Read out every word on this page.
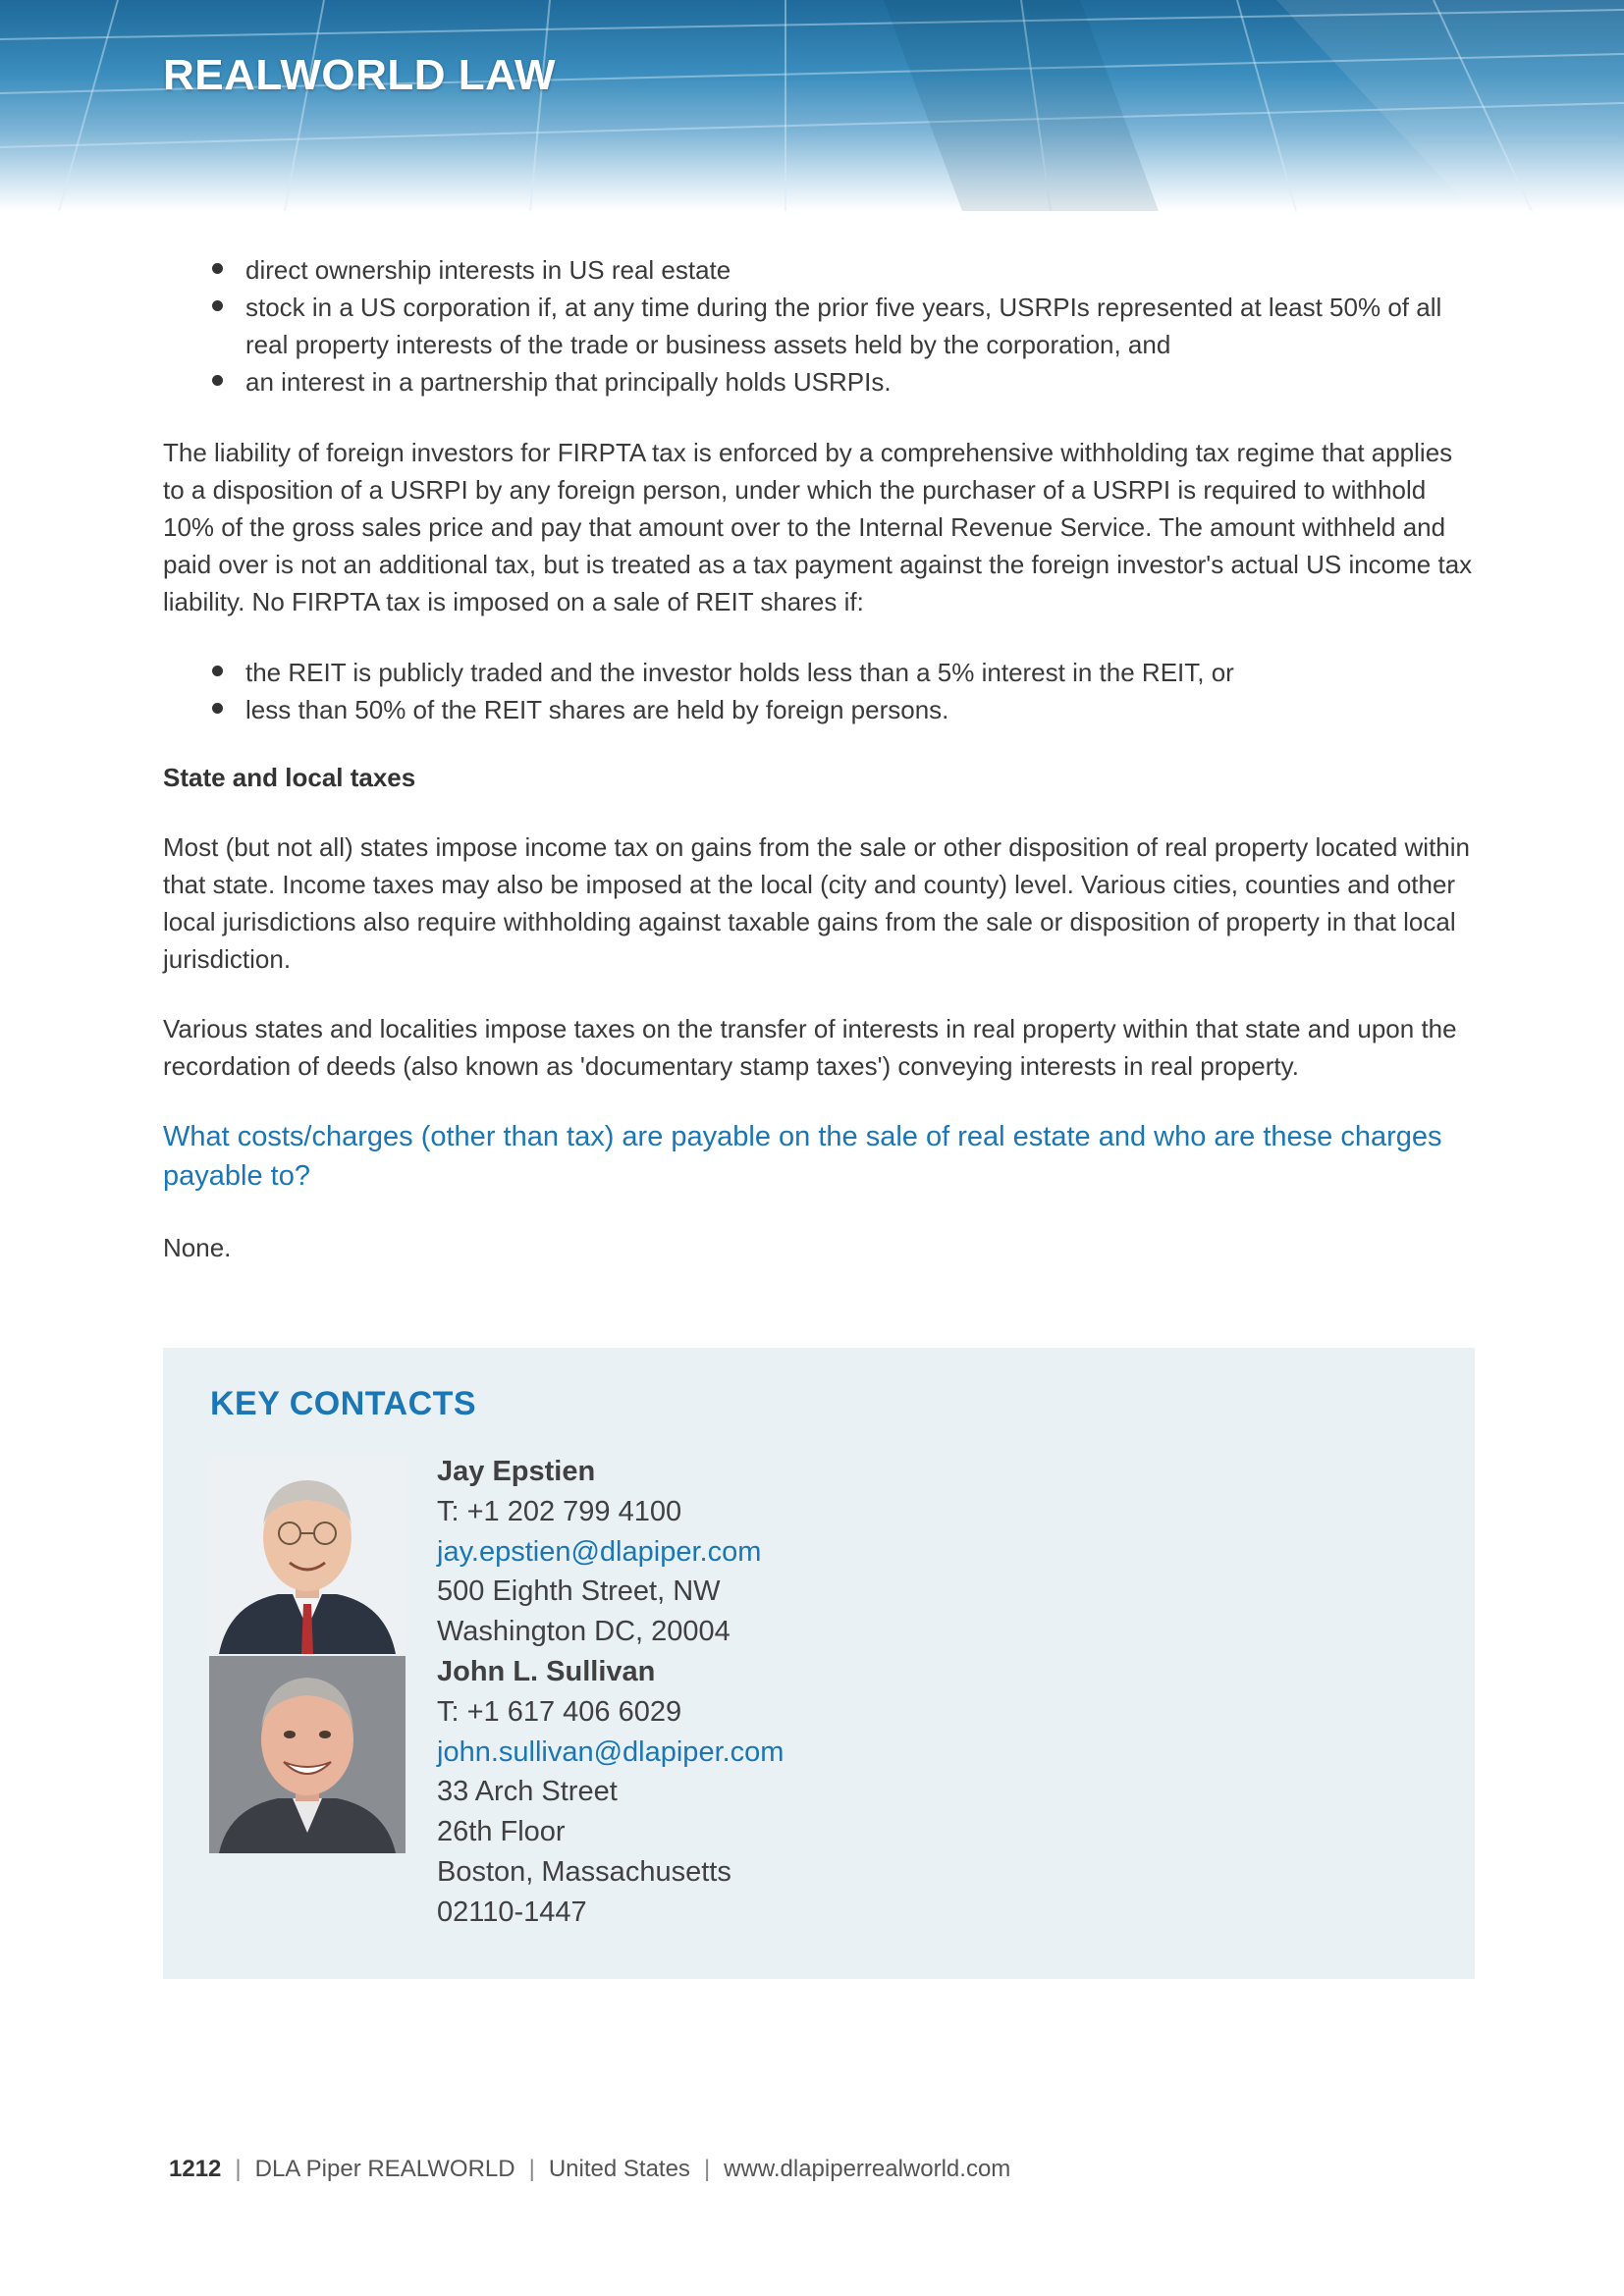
REALWORLD LAW
direct ownership interests in US real estate
stock in a US corporation if, at any time during the prior five years, USRPIs represented at least 50% of all real property interests of the trade or business assets held by the corporation, and
an interest in a partnership that principally holds USRPIs.

The liability of foreign investors for FIRPTA tax is enforced by a comprehensive withholding tax regime that applies to a disposition of a USRPI by any foreign person, under which the purchaser of a USRPI is required to withhold 10% of the gross sales price and pay that amount over to the Internal Revenue Service. The amount withheld and paid over is not an additional tax, but is treated as a tax payment against the foreign investor's actual US income tax liability. No FIRPTA tax is imposed on a sale of REIT shares if:

the REIT is publicly traded and the investor holds less than a 5% interest in the REIT, or
less than 50% of the REIT shares are held by foreign persons.

State and local taxes

Most (but not all) states impose income tax on gains from the sale or other disposition of real property located within that state. Income taxes may also be imposed at the local (city and county) level. Various cities, counties and other local jurisdictions also require withholding against taxable gains from the sale or disposition of property in that local jurisdiction.

Various states and localities impose taxes on the transfer of interests in real property within that state and upon the recordation of deeds (also known as 'documentary stamp taxes') conveying interests in real property.

What costs/charges (other than tax) are payable on the sale of real estate and who are these charges payable to?

None.

KEY CONTACTS
Jay Epstien
T: +1 202 799 4100
jay.epstien@dlapiper.com
500 Eighth Street, NW
Washington DC, 20004
John L. Sullivan
T: +1 617 406 6029
john.sullivan@dlapiper.com
33 Arch Street
26th Floor
Boston, Massachusetts
02110-1447
1212 | DLA Piper REALWORLD | United States | www.dlapiperrealworld.com
